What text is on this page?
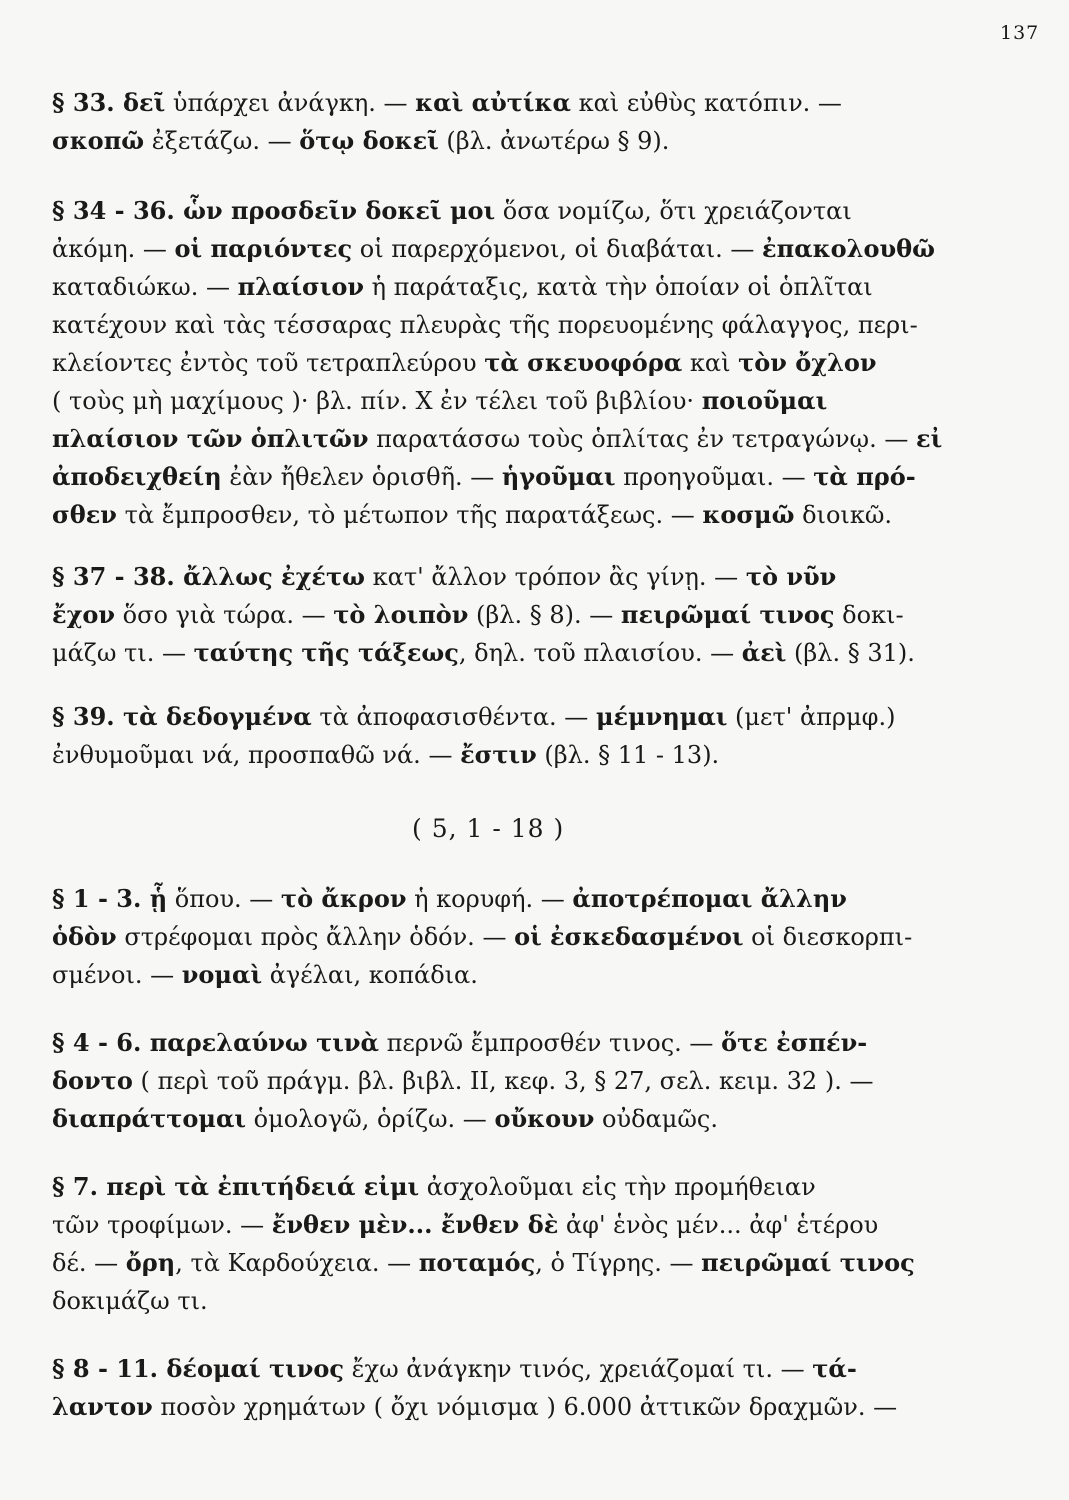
137
§ 33. δεῖ ὑπάρχει ἀνάγκη. — καὶ αὐτίκα καὶ εὐθὺς κατόπιν. —
σκοπῶ ἐξετάζω. — ὅτῳ δοκεῖ (βλ. ἀνωτέρω § 9).
§ 34 - 36. ὧν προσδεῖν δοκεῖ μοι ὅσα νομίζω, ὅτι χρειάζονται
ἀκόμη. — οἱ παριόντες οἱ παρερχόμενοι, οἱ διαβάται. — ἐπακολουθῶ
καταδιώκω. — πλαίσιον ἡ παράταξις, κατὰ τὴν ὁποίαν οἱ ὁπλῖται
κατέχουν καὶ τὰς τέσσαρας πλευρὰς τῆς πορευομένης φάλαγγος, περι-
κλείοντες ἐντὸς τοῦ τετραπλεύρου τὰ σκευοφόρα καὶ τὸν ὄχλον
( τοὺς μὴ μαχίμους )· βλ. πίν. X ἐν τέλει τοῦ βιβλίου· ποιοῦμαι
πλαίσιον τῶν ὁπλιτῶν παρατάσσω τοὺς ὁπλίτας ἐν τετραγώνῳ. — εἰ
ἀποδειχθείη ἐὰν ἤθελεν ὁρισθῆ. — ἡγοῦμαι προηγοῦμαι. — τὰ πρό-
σθεν τὰ ἔμπροσθεν, τὸ μέτωπον τῆς παρατάξεως. — κοσμῶ διοικῶ.
§ 37 - 38. ἄλλως ἐχέτω κατ' ἄλλον τρόπον ἂς γίνῃ. — τὸ νῦν
ἔχον ὅσο γιὰ τώρα. — τὸ λοιπὸν (βλ. § 8). — πειρῶμαί τινος δοκι-
μάζω τι. — ταύτης τῆς τάξεως, δηλ. τοῦ πλαισίου. — ἀεὶ (βλ. § 31).
§ 39. τὰ δεδογμένα τὰ ἀποφασισθέντα. — μέμνημαι (μετ' ἀπρμφ.)
ἐνθυμοῦμαι νά, προσπαθῶ νά. — ἔστιν (βλ. § 11 - 13).
( 5, 1 - 18 )
§ 1 - 3. ᾗ ὅπου. — τὸ ἄκρον ἡ κορυφή. — ἀποτρέπομαι ἄλλην
ὁδὸν στρέφομαι πρὸς ἄλλην ὁδόν. — οἱ ἐσκεδασμένοι οἱ διεσκορπι-
σμένοι. — νομαὶ ἀγέλαι, κοπάδια.
§ 4 - 6. παρελαύνω τινὰ περνῶ ἔμπροσθέν τινος. — ὅτε ἐσπέν-
δοντο ( περὶ τοῦ πράγμ. βλ. βιβλ. II, κεφ. 3, § 27, σελ. κειμ. 32 ). —
διαπράττομαι ὁμολογῶ, ὁρίζω. — οὔκουν οὐδαμῶς.
§ 7. περὶ τὰ ἐπιτήδειά εἰμι ἀσχολοῦμαι εἰς τὴν προμήθειαν
τῶν τροφίμων. — ἔνθεν μὲν... ἔνθεν δὲ ἀφ' ἑνὸς μέν... ἀφ' ἑτέρου
δέ. — ὄρη, τὰ Καρδούχεια. — ποταμός, ὁ Τίγρης. — πειρῶμαί τινος
δοκιμάζω τι.
§ 8 - 11. δέομαί τινος ἔχω ἀνάγκην τινός, χρειάζομαί τι. — τά-
λαντον ποσὸν χρημάτων ( ὄχι νόμισμα ) 6.000 ἀττικῶν δραχμῶν. —
